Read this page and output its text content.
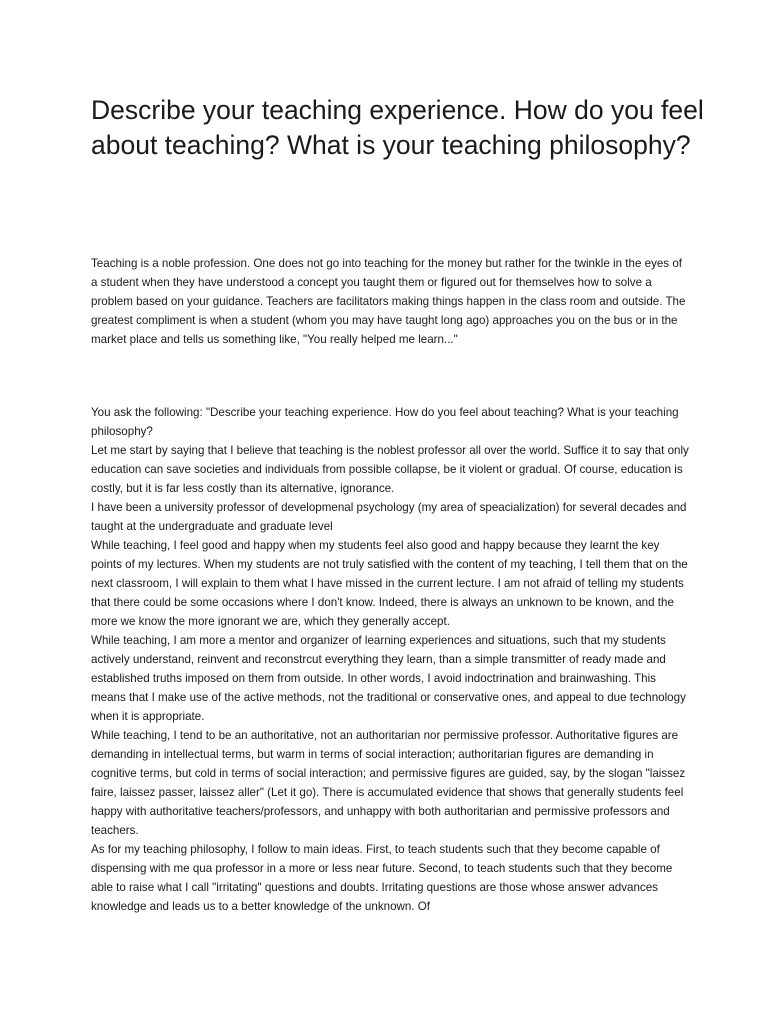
Describe your teaching experience. How do you feel about teaching? What is your teaching philosophy?

Teaching is a noble profession. One does not go into teaching for the money but rather for the twinkle in the eyes of a student when they have understood a concept you taught them or figured out for themselves how to solve a problem based on your guidance. Teachers are facilitators making things happen in the class room and outside. The greatest compliment is when a student (whom you may have taught long ago) approaches you on the bus or in the market place and tells us something like, "You really helped me learn..."

You ask the following: "Describe your teaching experience. How do you feel about teaching? What is your teaching philosophy?

Let me start by saying that I believe that teaching is the noblest professor all over the world. Suffice it to say that only education can save societies and individuals from possible collapse, be it violent or gradual. Of course, education is costly, but it is far less costly than its alternative, ignorance.

I have been a university professor of developmenal psychology (my area of speacialization) for several decades and taught at the undergraduate and graduate level

While teaching, I feel good and happy when my students feel also good and happy because they learnt the key points of my lectures. When my students are not truly satisfied with the content of my teaching, I tell them that on the next classroom, I will explain to them what I have missed in the current lecture. I am not afraid of telling my students that there could be some occasions where I don't know. Indeed, there is always an unknown to be known, and the more we know the more ignorant we are, which they generally accept.

While teaching, I am more a mentor and organizer of learning experiences and situations, such that my students actively understand, reinvent and reconstrcut everything they learn, than a simple transmitter of ready made and established truths imposed on them from outside. In other words, I avoid indoctrination and brainwashing. This means that I make use of the active methods, not the traditional or conservative ones, and appeal to due technology when it is appropriate.

While teaching, I tend to be an authoritative, not an authoritarian nor permissive professor. Authoritative figures are demanding in intellectual terms, but warm in terms of social interaction; authoritarian figures are demanding in cognitive terms, but cold in terms of social interaction; and permissive figures are guided, say, by the slogan "laissez faire, laissez passer, laissez aller" (Let it go). There is accumulated evidence that shows that generally students feel happy with authoritative teachers/professors, and unhappy with both authoritarian and permissive professors and teachers.

As for my teaching philosophy, I follow to main ideas. First, to teach students such that they become capable of dispensing with me qua professor in a more or less near future. Second, to teach students such that they become able to raise what I call "irritating" questions and doubts. Irritating questions are those whose answer advances knowledge and leads us to a better knowledge of the unknown. Of
